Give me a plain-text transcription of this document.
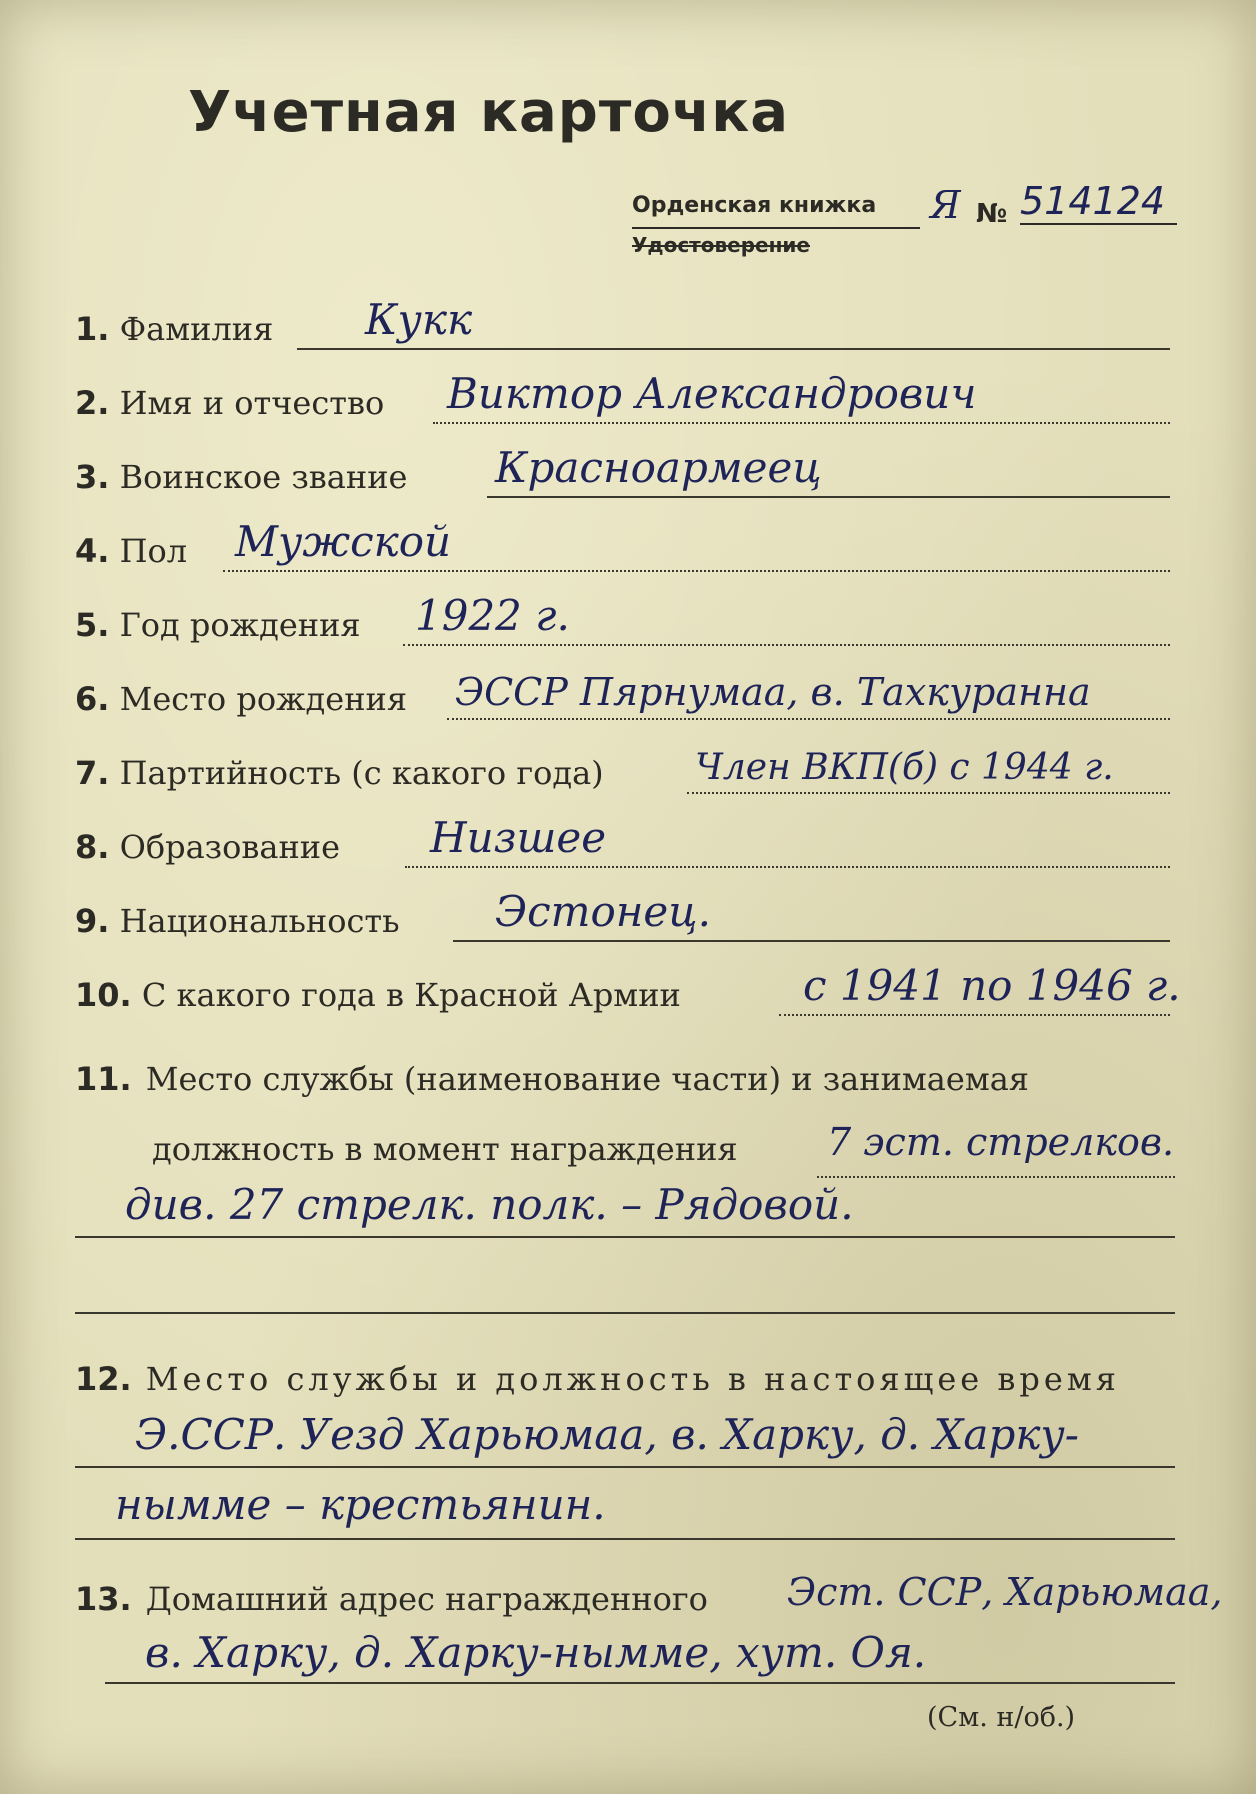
Учетная карточка
Орденская книжка
Удостоверение
Я № 514124
1. Фамилия Кукк
2. Имя и отчество Виктор Александрович
3. Воинское звание Красноармеец
4. Пол Мужской
5. Год рождения 1922 г.
6. Место рождения ЭССР Пярнумаа, в. Тахкуранна
7. Партийность (с какого года)	Член ВКП(б) с 1944 г.
8. Образование Низшее
9. Национальность Эстонец.
10. С какого года в Красной Армии	с 1941 по 1946 г.
11. Место службы (наименование части) и занимаемая
должность в момент награждения 7 эст. стрелков.
див. 27 стрелк. полк. – Рядовой.
12. Место службы и должность в настоящее время
Э.ССР. Уезд Харьюмаа, в. Харку, д. Харку-
нымме – крестьянин.
13. Домашний адрес награжденного Эст. ССР, Харьюмаа,
в. Харку, д. Харку-нымме, хут. Оя.
(См. н/об.)
